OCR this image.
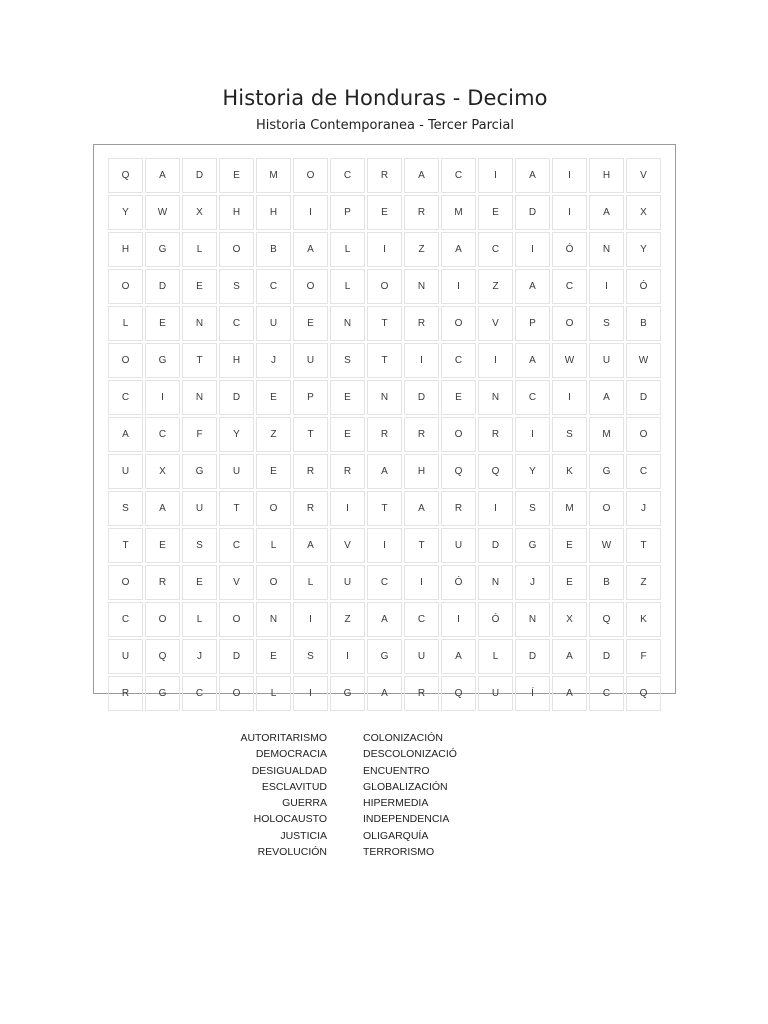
Historia de Honduras - Decimo
Historia Contemporanea - Tercer Parcial
Q	A	D	E	M	O	C	R	A	C	I	A	I	H	V
Y	W	X	H	H	I	P	E	R	M	E	D	I	A	X
H	G	L	O	B	A	L	I	Z	A	C	I	Ó	N	Y
O	D	E	S	C	O	L	O	N	I	Z	A	C	I	Ó
L	E	N	C	U	E	N	T	R	O	V	P	O	S	B
O	G	T	H	J	U	S	T	I	C	I	A	W	U	W
C	I	N	D	E	P	E	N	D	E	N	C	I	A	D
A	C	F	Y	Z	T	E	R	R	O	R	I	S	M	O
U	X	G	U	E	R	R	A	H	Q	Q	Y	K	G	C
S	A	U	T	O	R	I	T	A	R	I	S	M	O	J
T	E	S	C	L	A	V	I	T	U	D	G	E	W	T
O	R	E	V	O	L	U	C	I	Ó	N	J	E	B	Z
C	O	L	O	N	I	Z	A	C	I	Ó	N	X	Q	K
U	Q	J	D	E	S	I	G	U	A	L	D	A	D	F
R	G	C	O	L	I	G	A	R	Q	U	Í	A	C	Q
AUTORITARISMO
DEMOCRACIA
DESIGUALDAD
ESCLAVITUD
GUERRA
HOLOCAUSTO
JUSTICIA
REVOLUCIÓN
COLONIZACIÓN
DESCOLONIZACIÓ
ENCUENTRO
GLOBALIZACIÓN
HIPERMEDIA
INDEPENDENCIA
OLIGARQUÍA
TERRORISMO
